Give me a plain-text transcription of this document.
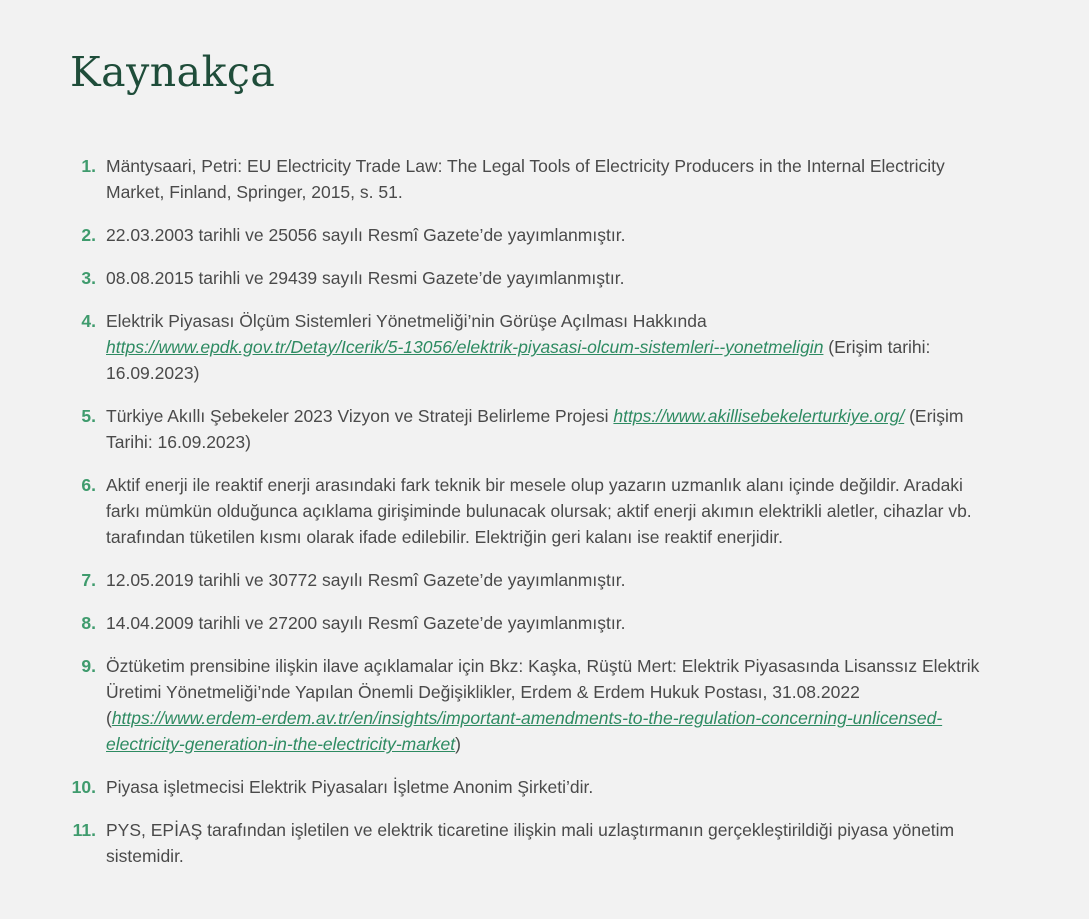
Kaynakça
1. Mäntysaari, Petri: EU Electricity Trade Law: The Legal Tools of Electricity Producers in the Internal Electricity Market, Finland, Springer, 2015, s. 51.
2. 22.03.2003 tarihli ve 25056 sayılı Resmî Gazete’de yayımlanmıştır.
3. 08.08.2015 tarihli ve 29439 sayılı Resmi Gazete’de yayımlanmıştır.
4. Elektrik Piyasası Ölçüm Sistemleri Yönetmeliği’nin Görüşe Açılması Hakkında https://www.epdk.gov.tr/Detay/Icerik/5-13056/elektrik-piyasasi-olcum-sistemleri--yonetmeligin (Erişim tarihi: 16.09.2023)
5. Türkiye Akıllı Şebekeler 2023 Vizyon ve Strateji Belirleme Projesi https://www.akillisebekelerturkiye.org/ (Erişim Tarihi: 16.09.2023)
6. Aktif enerji ile reaktif enerji arasındaki fark teknik bir mesele olup yazarın uzmanlık alanı içinde değildir. Aradaki farkı mümkün olduğunca açıklama girişiminde bulunacak olursak; aktif enerji akımın elektrikli aletler, cihazlar vb. tarafından tüketilen kısmı olarak ifade edilebilir. Elektriğin geri kalanı ise reaktif enerjidir.
7. 12.05.2019 tarihli ve 30772 sayılı Resmî Gazete’de yayımlanmıştır.
8. 14.04.2009 tarihli ve 27200 sayılı Resmî Gazete’de yayımlanmıştır.
9. Öztüketim prensibine ilişkin ilave açıklamalar için Bkz: Kaşka, Rüştü Mert: Elektrik Piyasasında Lisanssız Elektrik Üretimi Yönetmeliği’nde Yapılan Önemli Değişiklikler, Erdem & Erdem Hukuk Postası, 31.08.2022 (https://www.erdem-erdem.av.tr/en/insights/important-amendments-to-the-regulation-concerning-unlicensed-electricity-generation-in-the-electricity-market)
10. Piyasa işletmecisi Elektrik Piyasaları İşletme Anonim Şirketi’dir.
11. PYS, EPİAŞ tarafından işletilen ve elektrik ticaretine ilişkin mali uzlaştırmanın gerçekleştirildiği piyasa yönetim sistemidir.
